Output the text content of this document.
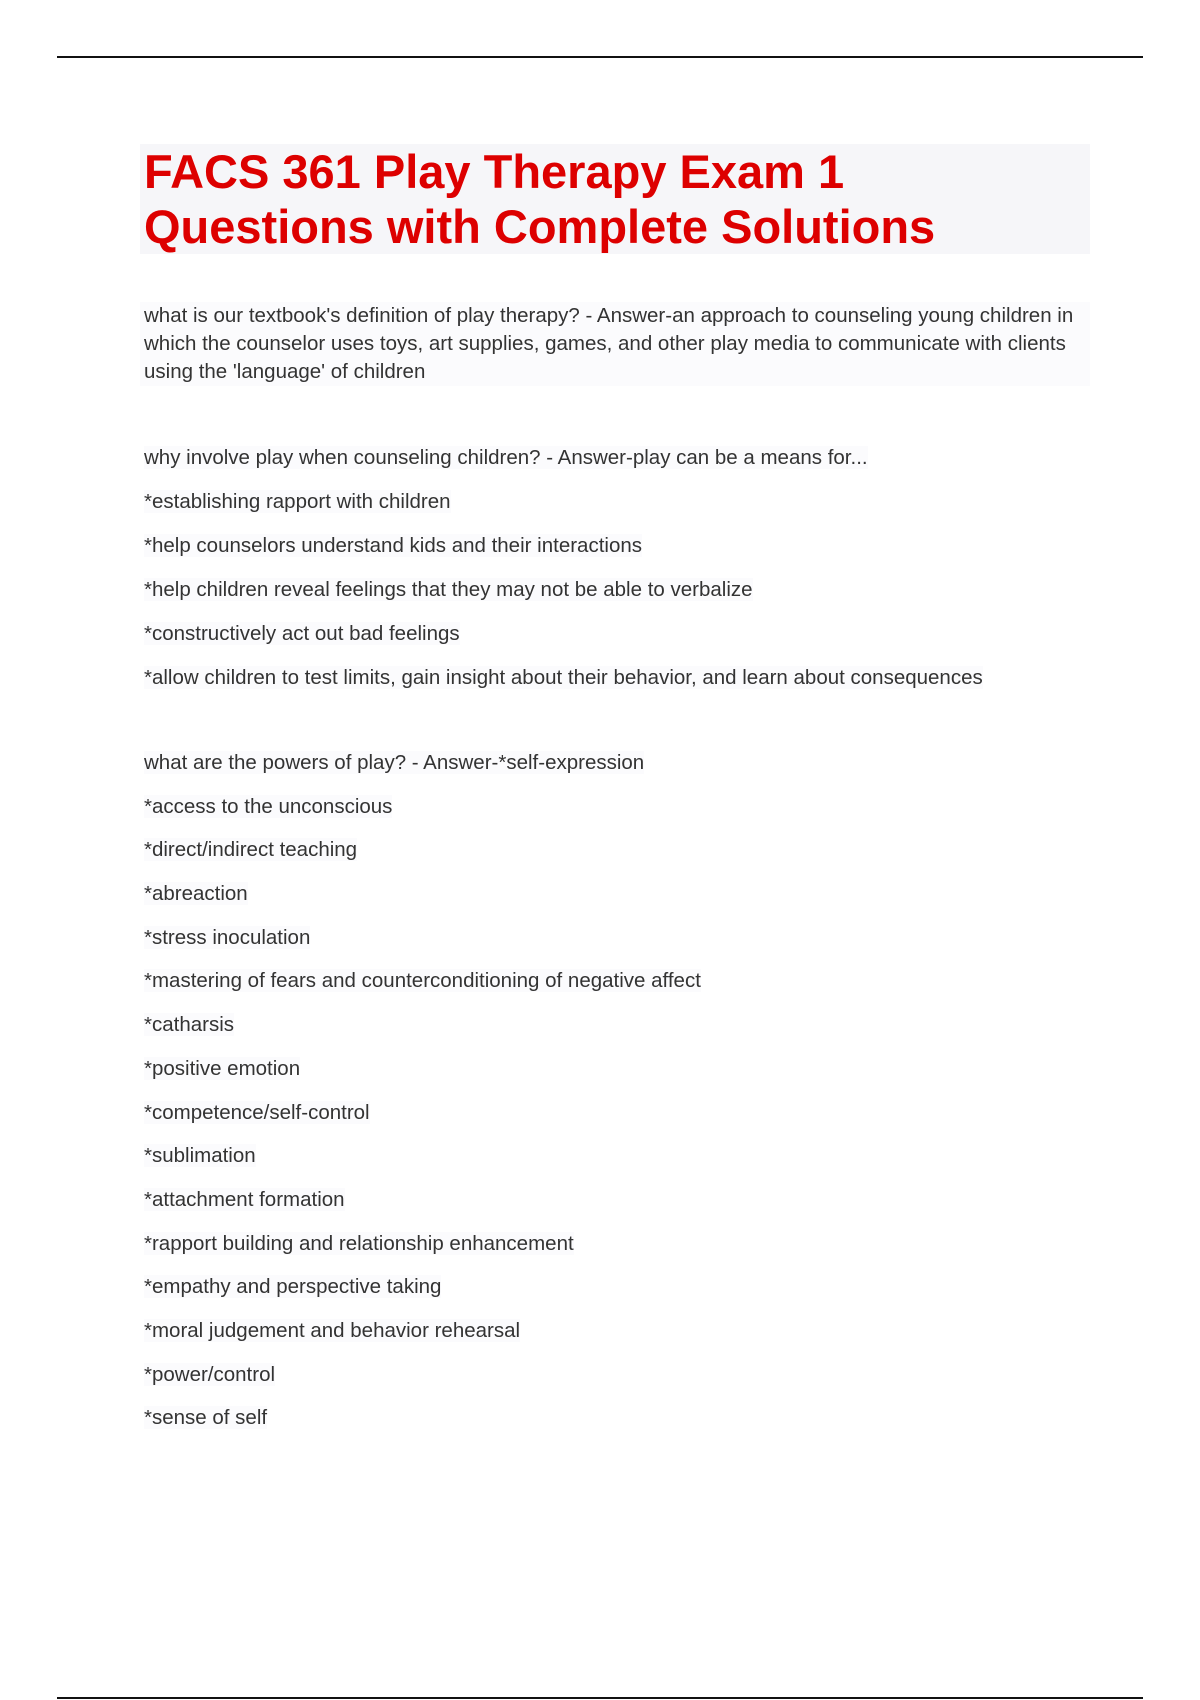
FACS 361 Play Therapy Exam 1
Questions with Complete Solutions

what is our textbook's definition of play therapy? - Answer-an approach to counseling young children in which the counselor uses toys, art supplies, games, and other play media to communicate with clients using the 'language' of children

why involve play when counseling children? - Answer-play can be a means for...
*establishing rapport with children
*help counselors understand kids and their interactions
*help children reveal feelings that they may not be able to verbalize
*constructively act out bad feelings
*allow children to test limits, gain insight about their behavior, and learn about consequences
what are the powers of play? - Answer-*self-expression
*access to the unconscious
*direct/indirect teaching
*abreaction
*stress inoculation
*mastering of fears and counterconditioning of negative affect
*catharsis
*positive emotion
*competence/self-control
*sublimation
*attachment formation
*rapport building and relationship enhancement
*empathy and perspective taking
*moral judgement and behavior rehearsal
*power/control
*sense of self
